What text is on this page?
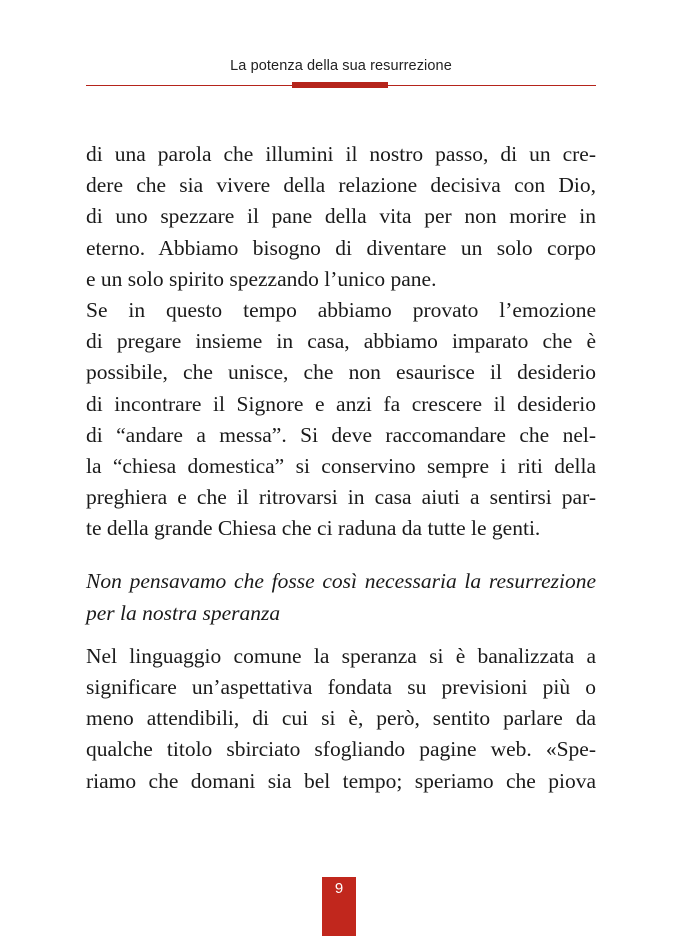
La potenza della sua resurrezione
di una parola che illumini il nostro passo, di un cre-
dere che sia vivere della relazione decisiva con Dio,
di uno spezzare il pane della vita per non morire in
eterno. Abbiamo bisogno di diventare un solo corpo
e un solo spirito spezzando l’unico pane.
Se in questo tempo abbiamo provato l’emozione
di pregare insieme in casa, abbiamo imparato che è
possibile, che unisce, che non esaurisce il desiderio
di incontrare il Signore e anzi fa crescere il desiderio
di “andare a messa”. Si deve raccomandare che nel-
la “chiesa domestica” si conservino sempre i riti della
preghiera e che il ritrovarsi in casa aiuti a sentirsi par-
te della grande Chiesa che ci raduna da tutte le genti.
Non pensavamo che fosse così necessaria la resurrezione
per la nostra speranza
Nel linguaggio comune la speranza si è banalizzata a
significare un’aspettativa fondata su previsioni più o
meno attendibili, di cui si è, però, sentito parlare da
qualche titolo sbirciato sfogliando pagine web. «Spe-
riamo che domani sia bel tempo; speriamo che piova
9
